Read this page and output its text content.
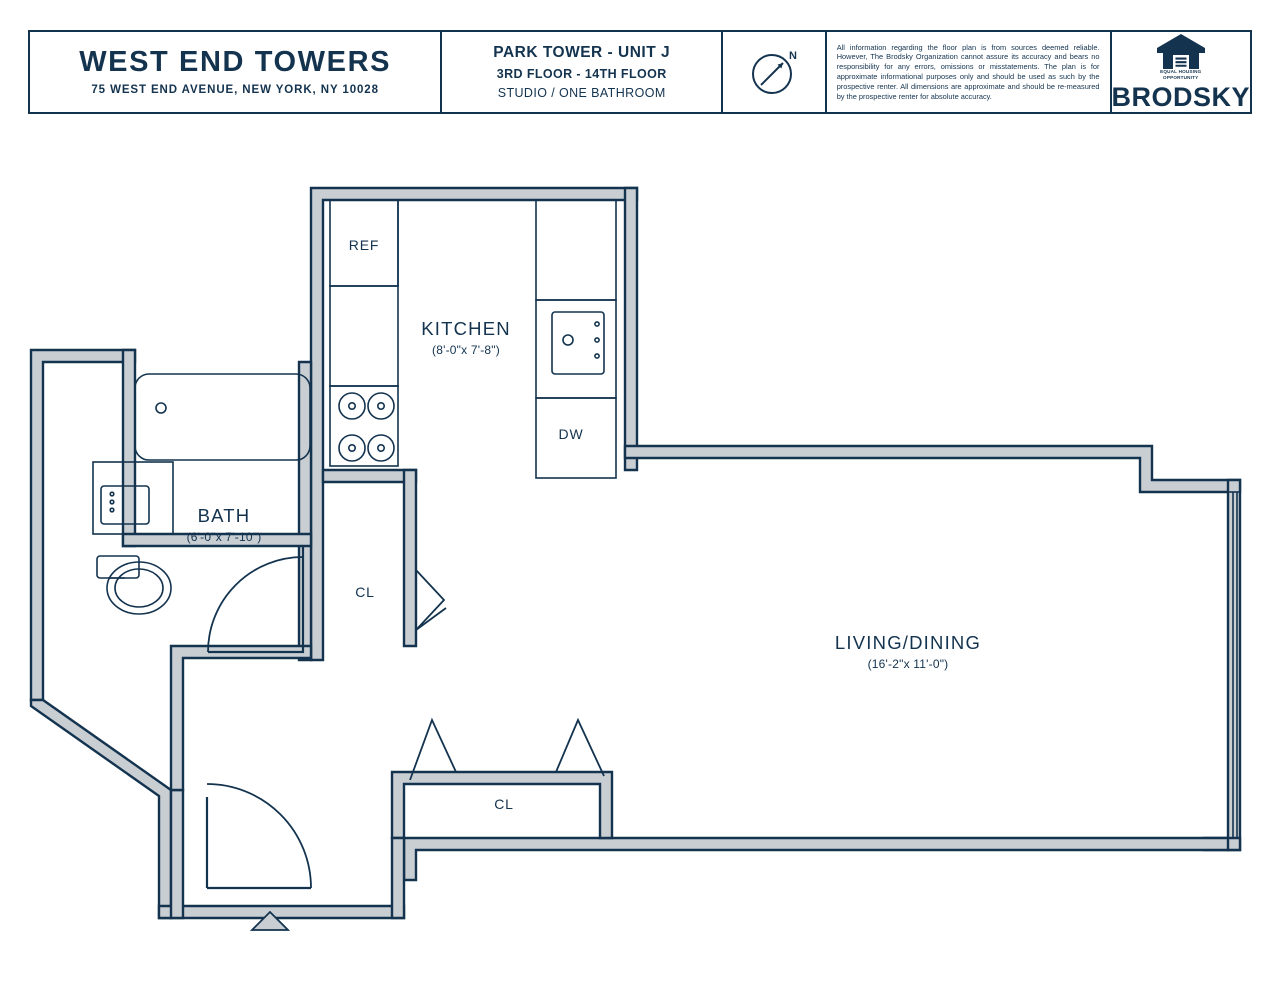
WEST END TOWERS
75 WEST END AVENUE, NEW YORK, NY 10028
PARK TOWER - UNIT J
3RD FLOOR - 14TH FLOOR
STUDIO / ONE BATHROOM
N
All information regarding the floor plan is from sources deemed reliable. However, The Brodsky Organization cannot assure its accuracy and bears no responsibility for any errors, omissions or misstatements. The plan is for approximate informational purposes only and should be used as such by the prospective renter. All dimensions are approximate and should be re-measured by the prospective renter for absolute accuracy.
EQUAL HOUSING
OPPORTUNITY
BRODSKY
KITCHEN
(8'-0"x 7'-8")
BATH
(6'-0"x 7'-10")
LIVING/DINING
(16'-2"x 11'-0")
REF
DW
CL
CL
